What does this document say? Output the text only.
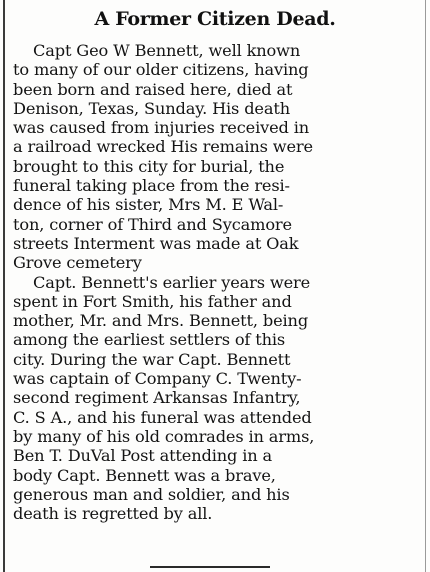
A Former Citizen Dead.
Capt Geo W Bennett, well known
to many of our older citizens, having
been born and raised here, died at
Denison, Texas, Sunday. His death
was caused from injuries received in
a railroad wrecked His remains were
brought to this city for burial, the
funeral taking place from the resi-
dence of his sister, Mrs M. E Wal-
ton, corner of Third and Sycamore
streets Interment was made at Oak
Grove cemetery
Capt. Bennett's earlier years were
spent in Fort Smith, his father and
mother, Mr. and Mrs. Bennett, being
among the earliest settlers of this
city. During the war Capt. Bennett
was captain of Company C. Twenty-
second regiment Arkansas Infantry,
C. S A., and his funeral was attended
by many of his old comrades in arms,
Ben T. DuVal Post attending in a
body Capt. Bennett was a brave,
generous man and soldier, and his
death is regretted by all.
